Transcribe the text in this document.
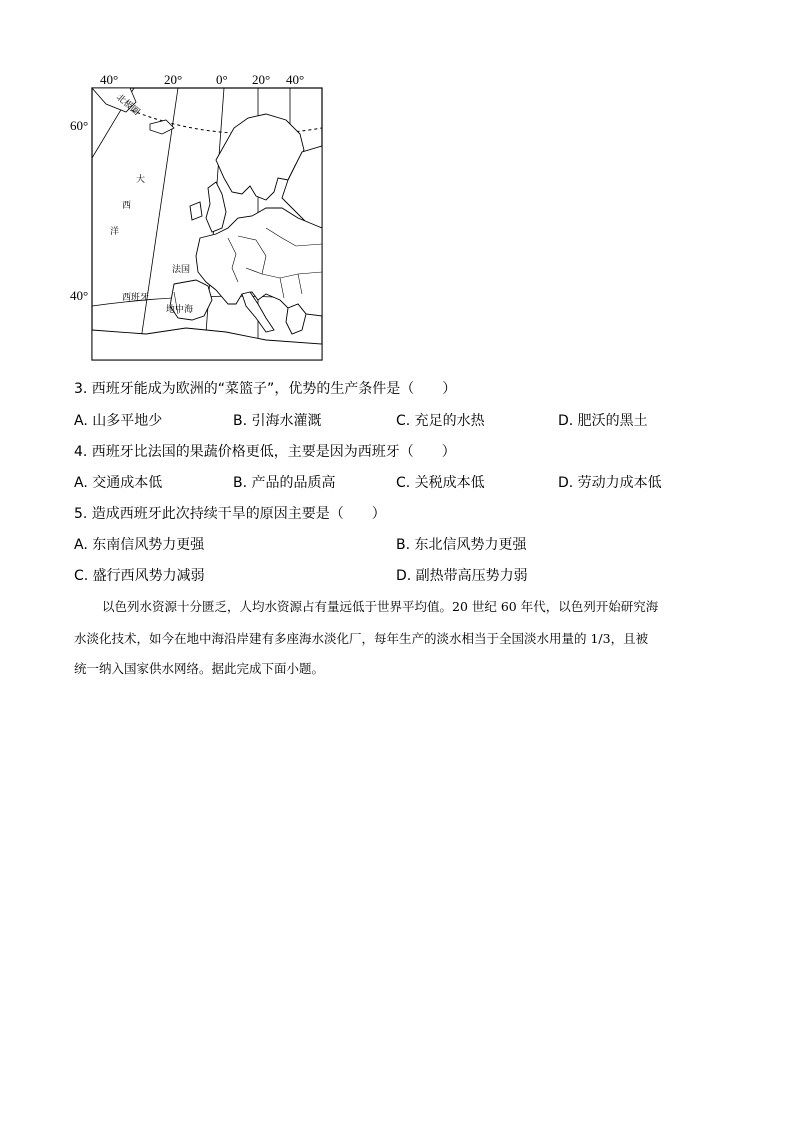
40°	20°	0° 20° 40°
60°
40°
北极圈
大
西
洋
法国
西班牙
地中海
3. 西班牙能成为欧洲的“菜篮子”，优势的生产条件是（　　）
A. 山多平地少	B. 引海水灌溉	C. 充足的水热	D. 肥沃的黑土
4. 西班牙比法国的果蔬价格更低，主要是因为西班牙（　　）
A. 交通成本低	B. 产品的品质高	C. 关税成本低	D. 劳动力成本低
5. 造成西班牙此次持续干旱的原因主要是（　　）
A. 东南信风势力更强	B. 东北信风势力更强
C. 盛行西风势力减弱	D. 副热带高压势力弱
以色列水资源十分匮乏，人均水资源占有量远低于世界平均值。20 世纪 60 年代，以色列开始研究海
水淡化技术，如今在地中海沿岸建有多座海水淡化厂，每年生产的淡水相当于全国淡水用量的 1/3，且被
统一纳入国家供水网络。据此完成下面小题。
